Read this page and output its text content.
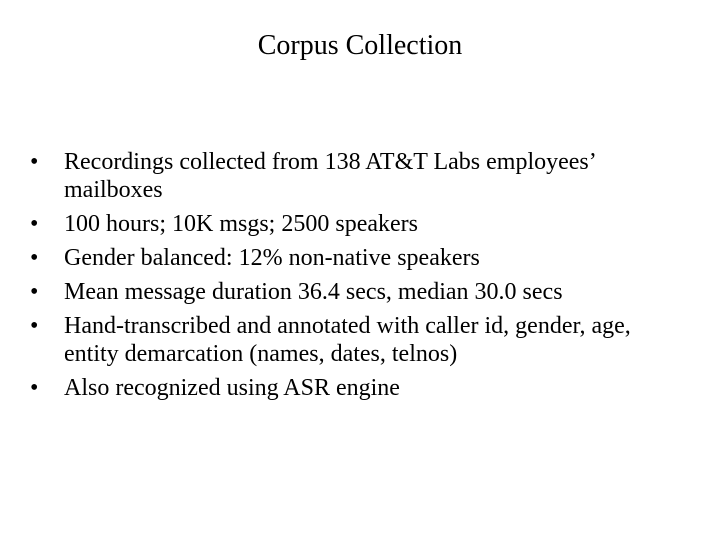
Corpus Collection
•	Recordings collected from 138 AT&T Labs employees’ mailboxes
•	100 hours; 10K msgs; 2500 speakers
•	Gender balanced: 12% non-native speakers
•	Mean message duration 36.4 secs, median 30.0 secs
•	Hand-transcribed and annotated with caller id, gender, age, entity demarcation (names, dates, telnos)
•	Also recognized using ASR engine
